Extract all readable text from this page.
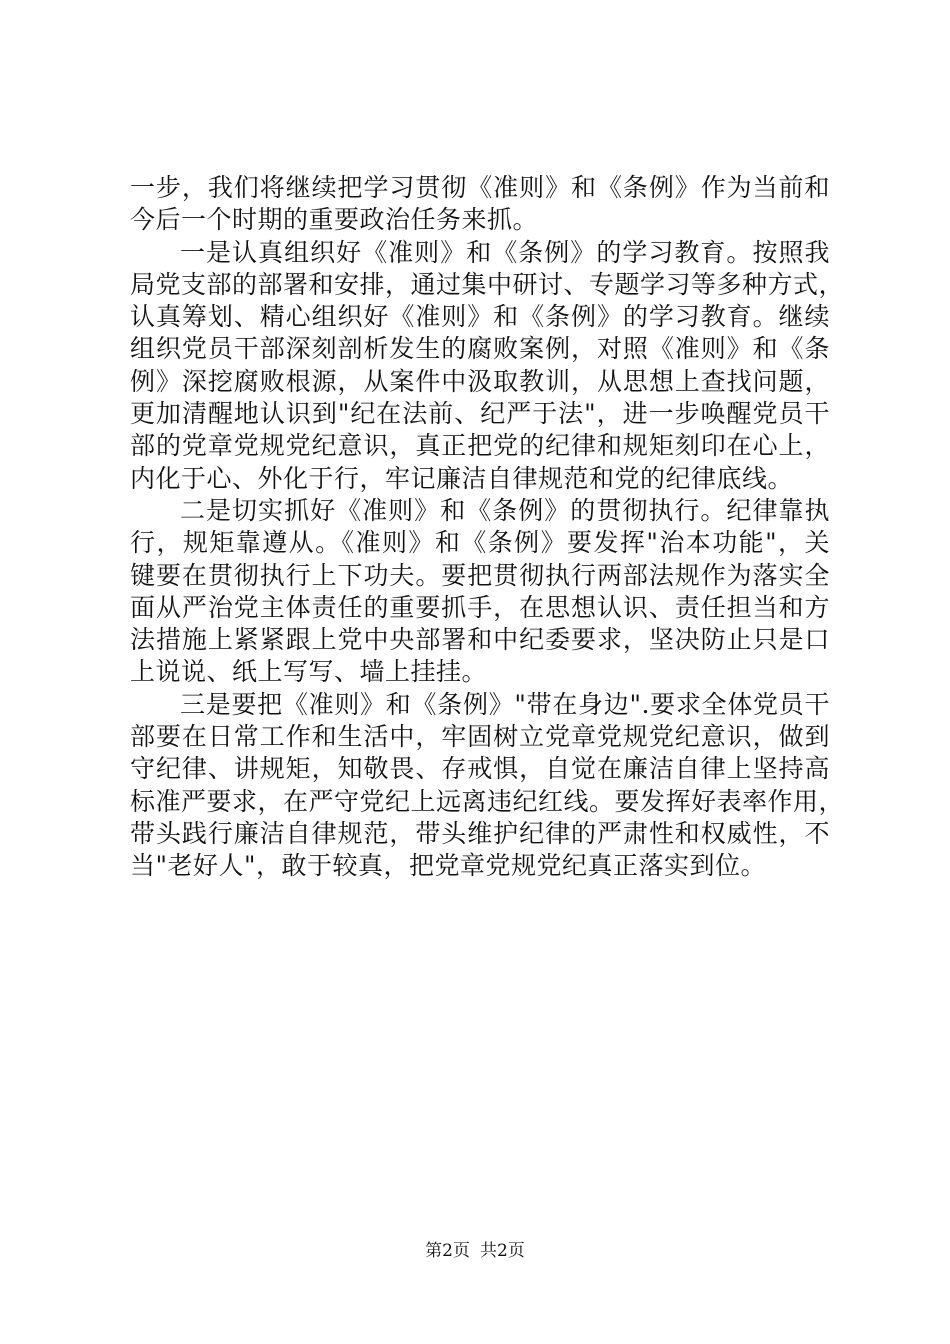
一步，我们将继续把学习贯彻《准则》和《条例》作为当前和
今后一个时期的重要政治任务来抓。
一是认真组织好《准则》和《条例》的学习教育。按照我
局党支部的部署和安排，通过集中研讨、专题学习等多种方式，
认真筹划、精心组织好《准则》和《条例》的学习教育。继续
组织党员干部深刻剖析发生的腐败案例，对照《准则》和《条
例》深挖腐败根源，从案件中汲取教训，从思想上查找问题，
更加清醒地认识到"纪在法前、纪严于法"，进一步唤醒党员干
部的党章党规党纪意识，真正把党的纪律和规矩刻印在心上，
内化于心、外化于行，牢记廉洁自律规范和党的纪律底线。
二是切实抓好《准则》和《条例》的贯彻执行。纪律靠执
行，规矩靠遵从。《准则》和《条例》要发挥"治本功能"，关
键要在贯彻执行上下功夫。要把贯彻执行两部法规作为落实全
面从严治党主体责任的重要抓手，在思想认识、责任担当和方
法措施上紧紧跟上党中央部署和中纪委要求，坚决防止只是口
上说说、纸上写写、墙上挂挂。
三是要把《准则》和《条例》"带在身边".要求全体党员干
部要在日常工作和生活中，牢固树立党章党规党纪意识，做到
守纪律、讲规矩，知敬畏、存戒惧，自觉在廉洁自律上坚持高
标准严要求，在严守党纪上远离违纪红线。要发挥好表率作用，
带头践行廉洁自律规范，带头维护纪律的严肃性和权威性，不
当"老好人"，敢于较真，把党章党规党纪真正落实到位。
第2页 共2页
